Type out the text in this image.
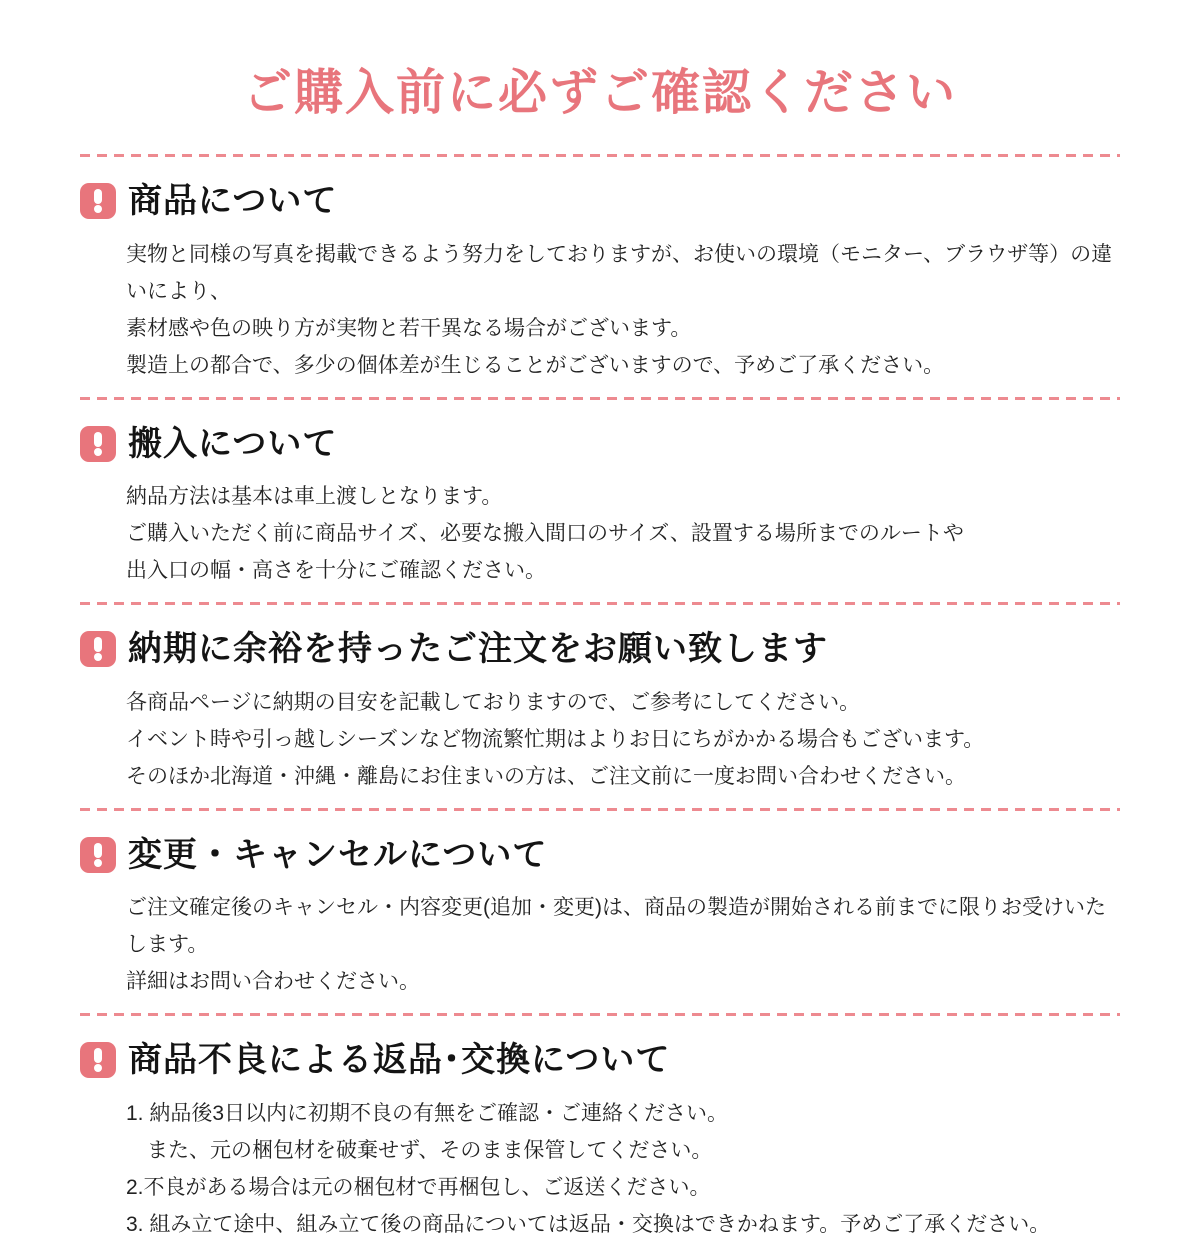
ご購入前に必ずご確認ください
商品について
実物と同様の写真を掲載できるよう努力をしておりますが、お使いの環境（モニター、ブラウザ等）の違いにより、
素材感や色の映り方が実物と若干異なる場合がございます。
製造上の都合で、多少の個体差が生じることがございますので、予めご了承ください。
搬入について
納品方法は基本は車上渡しとなります。
ご購入いただく前に商品サイズ、必要な搬入間口のサイズ、設置する場所までのルートや
出入口の幅・高さを十分にご確認ください。
納期に余裕を持ったご注文をお願い致します
各商品ページに納期の目安を記載しておりますので、ご参考にしてください。
イベント時や引っ越しシーズンなど物流繁忙期はよりお日にちがかかる場合もございます。
そのほか北海道・沖縄・離島にお住まいの方は、ご注文前に一度お問い合わせください。
変更・キャンセルについて
ご注文確定後のキャンセル・内容変更(追加・変更)は、商品の製造が開始される前までに限りお受けいたします。
詳細はお問い合わせください。
商品不良による返品･交換について
1. 納品後3日以内に初期不良の有無をご確認・ご連絡ください。
　また、元の梱包材を破棄せず、そのまま保管してください。
2.不良がある場合は元の梱包材で再梱包し、ご返送ください。
3. 組み立て途中、組み立て後の商品については返品・交換はできかねます。予めご了承ください。
